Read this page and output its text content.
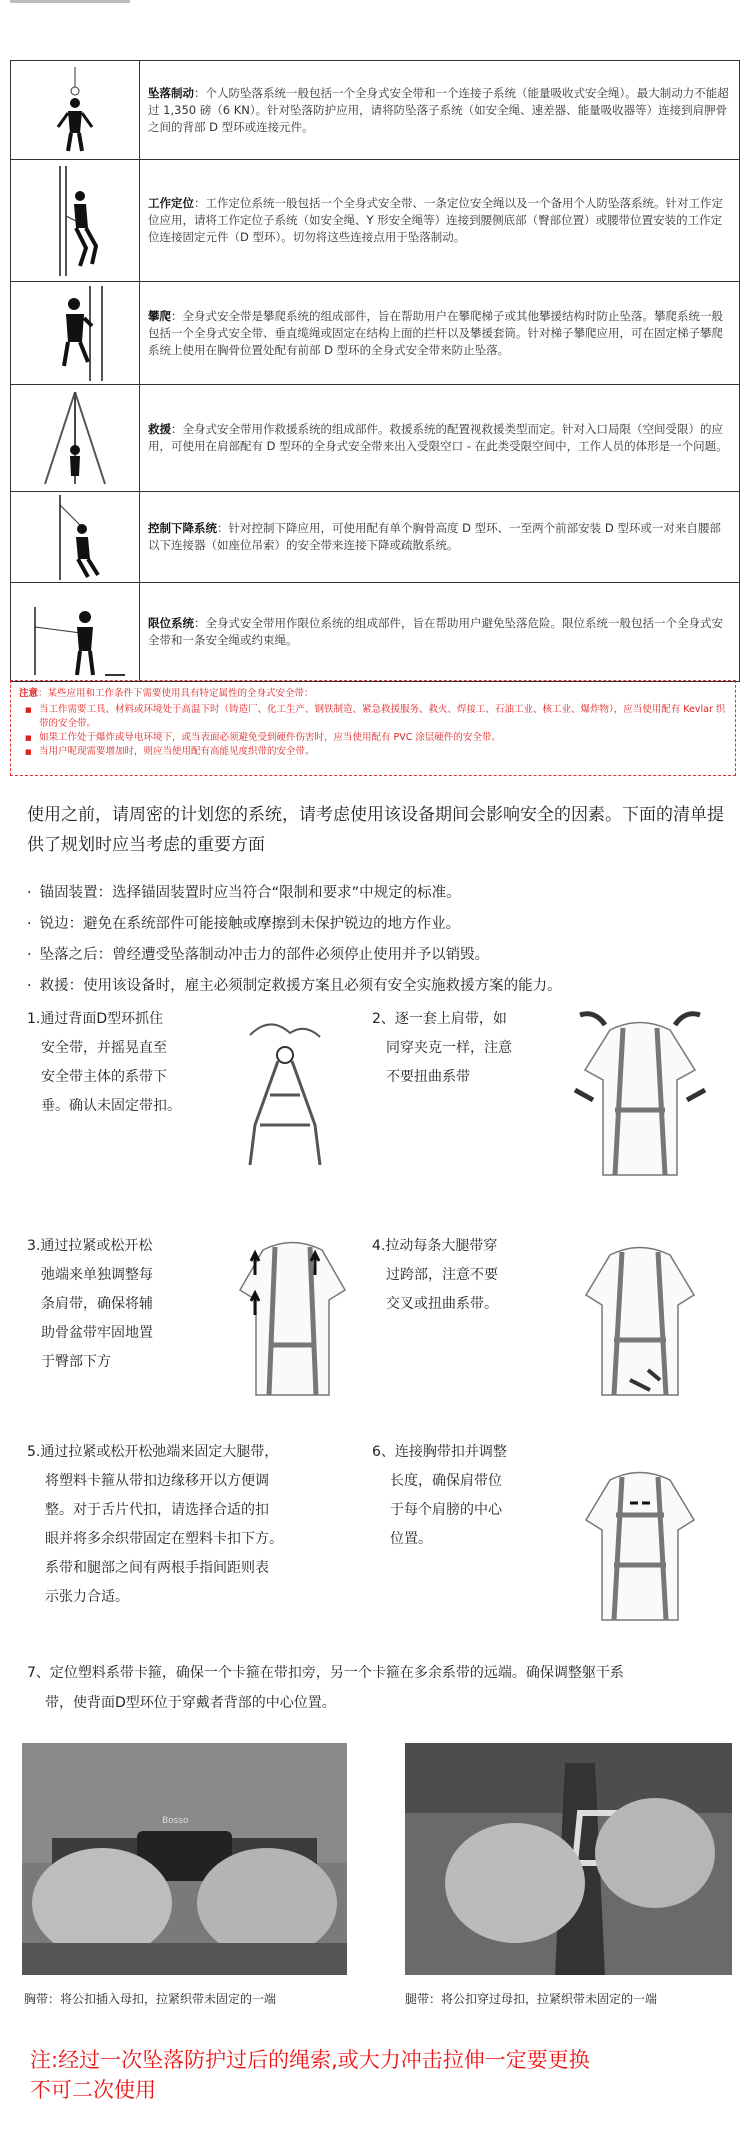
坠落制动：个人防坠落系统一般包括一个全身式安全带和一个连接子系统（能量吸收式安全绳）。最大制动力不能超过 1,350 磅（6 KN）。针对坠落防护应用，请将防坠落子系统（如安全绳、速差器、能量吸收器等）连接到肩胛骨之间的背部 D 型环或连接元件。
工作定位：工作定位系统一般包括一个全身式安全带、一条定位安全绳以及一个备用个人防坠落系统。针对工作定位应用，请将工作定位子系统（如安全绳、Y 形安全绳等）连接到腰侧底部（臀部位置）或腰带位置安装的工作定位连接固定元件（D 型环）。切勿将这些连接点用于坠落制动。
攀爬：全身式安全带是攀爬系统的组成部件，旨在帮助用户在攀爬梯子或其他攀援结构时防止坠落。攀爬系统一般包括一个全身式安全带、垂直缆绳或固定在结构上面的拦杆以及攀援套筒。针对梯子攀爬应用，可在固定梯子攀爬系统上使用在胸骨位置处配有前部 D 型环的全身式安全带来防止坠落。
救援：全身式安全带用作救援系统的组成部件。救援系统的配置视救援类型而定。针对入口局限（空间受限）的应用，可使用在肩部配有 D 型环的全身式安全带来出入受限空口 - 在此类受限空间中，工作人员的体形是一个问题。
控制下降系统：针对控制下降应用，可使用配有单个胸骨高度 D 型环、一至两个前部安装 D 型环或一对来自腰部以下连接器（如座位吊索）的安全带来连接下降或疏散系统。
限位系统：全身式安全带用作限位系统的组成部件，旨在帮助用户避免坠落危险。限位系统一般包括一个全身式安全带和一条安全绳或约束绳。
注意：某些应用和工作条件下需要使用具有特定属性的全身式安全带：
■ 当工作需要工具、材料或环境处于高温下时（铸造厂、化工生产、钢铁制造、紧急救援服务、救火、焊接工、石油工业、核工业、爆炸物），应当使用配有 Kevlar 织带的安全带。
■ 如果工作处于爆炸或导电环境下，或当表面必须避免受到硬件伤害时，应当使用配有 PVC 涂层硬件的安全带。
■ 当用户呢现需要增加时，则应当使用配有高能见度织带的安全带。
使用之前，请周密的计划您的系统，请考虑使用该设备期间会影响安全的因素。下面的清单提供了规划时应当考虑的重要方面
· 锚固装置：选择锚固装置时应当符合“限制和要求”中规定的标准。
· 锐边：避免在系统部件可能接触或摩擦到未保护锐边的地方作业。
· 坠落之后：曾经遭受坠落制动冲击力的部件必须停止使用并予以销毁。
· 救援：使用该设备时，雇主必须制定救援方案且必须有安全实施救援方案的能力。
1.通过背面D型环抓住
安全带，并摇晃直至
安全带主体的系带下
垂。确认未固定带扣。
2、逐一套上肩带，如
同穿夹克一样，注意
不要扭曲系带
3.通过拉紧或松开松
弛端来单独调整每
条肩带，确保将辅
助骨盆带牢固地置
于臀部下方
4.拉动每条大腿带穿
过跨部，注意不要
交叉或扭曲系带。
5.通过拉紧或松开松弛端来固定大腿带，
将塑料卡箍从带扣边缘移开以方便调
整。对于舌片代扣，请选择合适的扣
眼并将多余织带固定在塑料卡扣下方。
系带和腿部之间有两根手指间距则表
示张力合适。
6、连接胸带扣并调整
长度，确保肩带位
于每个肩膀的中心
位置。
7、定位塑料系带卡箍，确保一个卡箍在带扣旁，另一个卡箍在多余系带的远端。确保调整躯干系
带，使背面D型环位于穿戴者背部的中心位置。
Bosso
胸带：将公扣插入母扣，拉紧织带未固定的一端	腿带：将公扣穿过母扣，拉紧织带未固定的一端
注:经过一次坠落防护过后的绳索,或大力冲击拉伸一定要更换
不可二次使用
